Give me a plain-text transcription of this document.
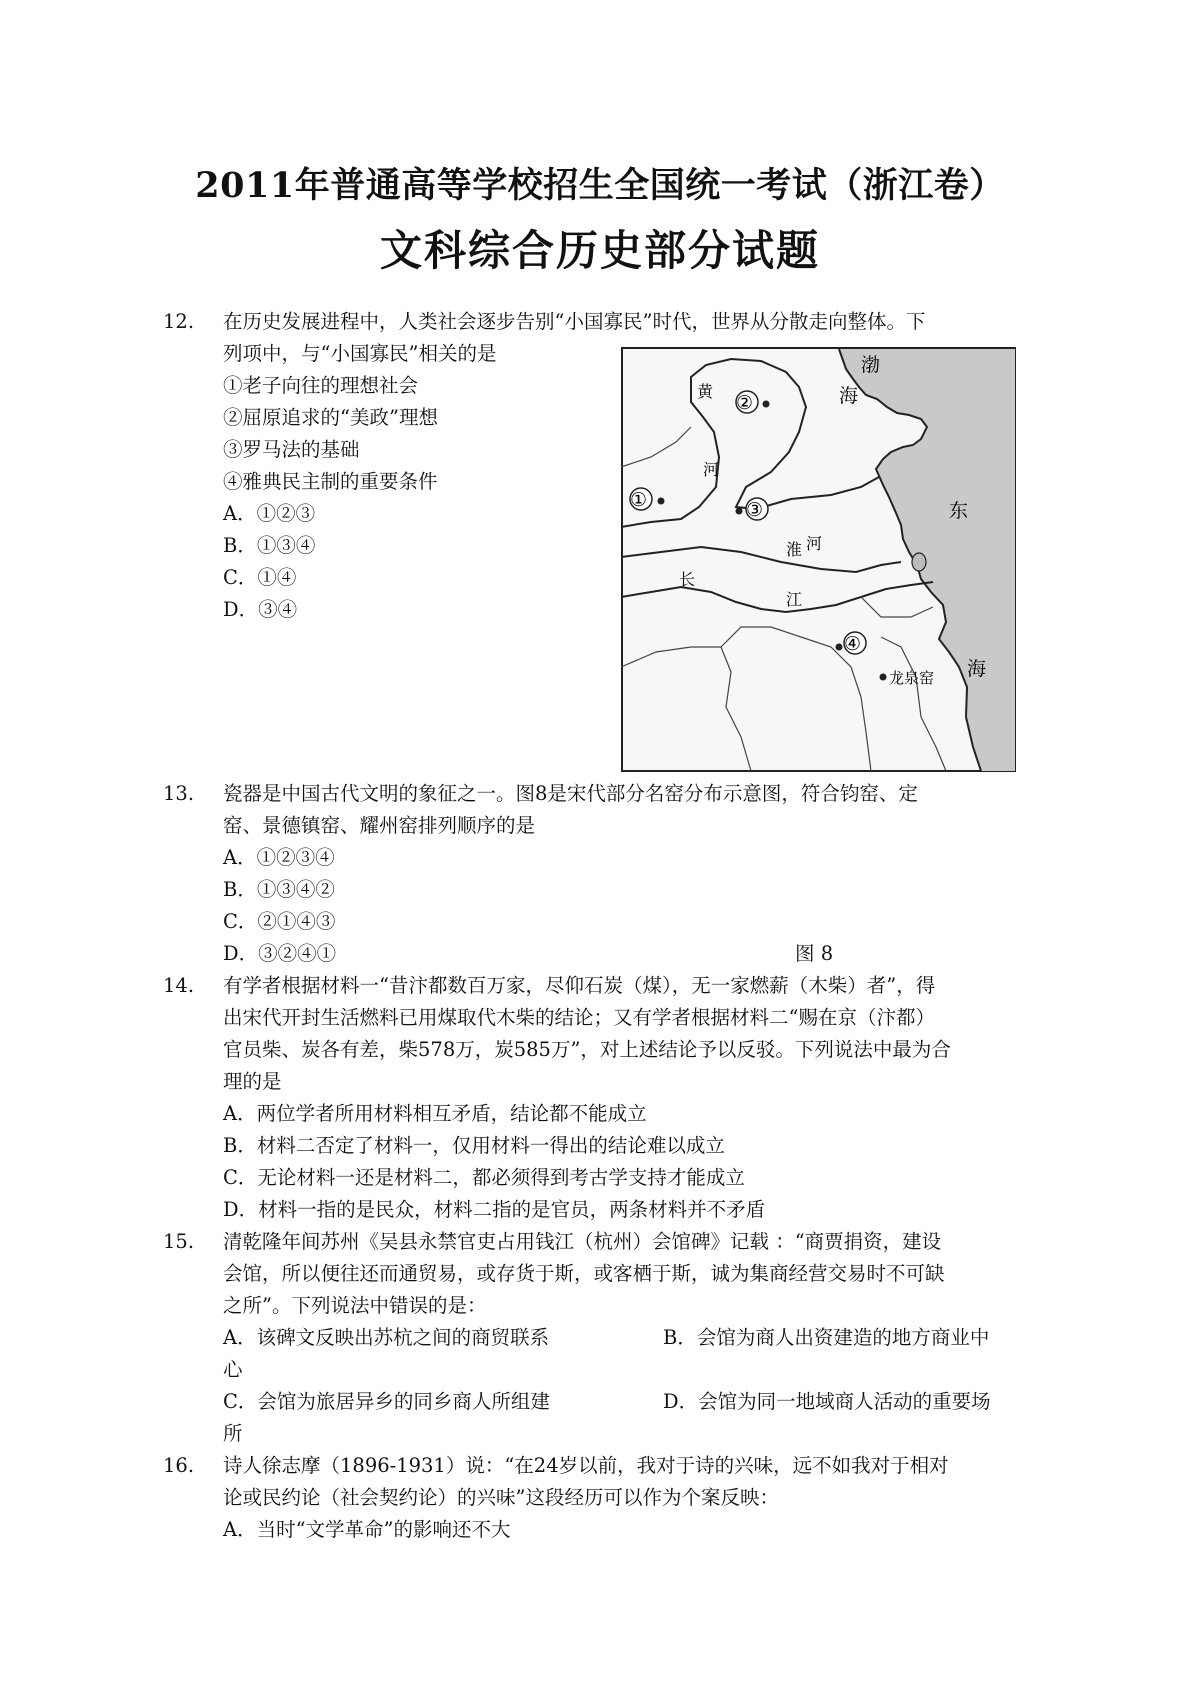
2011年普通高等学校招生全国统一考试（浙江卷）
文科综合历史部分试题
12. 在历史发展进程中，人类社会逐步告别“小国寡民”时代，世界从分散走向整体。下
列项中，与“小国寡民”相关的是
①老子向往的理想社会
②屈原追求的“美政”理想
③罗马法的基础
④雅典民主制的重要条件
A．①②③
B．①③④
C．①④
D．③④
渤
海
东
海
黄
河
淮 河
长
江
①
②
③
④
龙泉窑
13. 瓷器是中国古代文明的象征之一。图8是宋代部分名窑分布示意图，符合钧窑、定
窑、景德镇窑、耀州窑排列顺序的是
A．①②③④
B．①③④②
C．②①④③
D．③②④①	图 8
14. 有学者根据材料一“昔汴都数百万家，尽仰石炭（煤），无一家燃薪（木柴）者”，得
出宋代开封生活燃料已用煤取代木柴的结论；又有学者根据材料二“赐在京（汴都）
官员柴、炭各有差，柴578万，炭585万”，对上述结论予以反驳。下列说法中最为合
理的是
A．两位学者所用材料相互矛盾，结论都不能成立
B．材料二否定了材料一，仅用材料一得出的结论难以成立
C．无论材料一还是材料二，都必须得到考古学支持才能成立
D．材料一指的是民众，材料二指的是官员，两条材料并不矛盾
15. 清乾隆年间苏州《吴县永禁官吏占用钱江（杭州）会馆碑》记载 ：“商贾捐资，建设
会馆，所以便往还而通贸易，或存货于斯，或客栖于斯，诚为集商经营交易时不可缺
之所”。下列说法中错误的是：
A．该碑文反映出苏杭之间的商贸联系	B．会馆为商人出资建造的地方商业中
心
C．会馆为旅居异乡的同乡商人所组建	D．会馆为同一地域商人活动的重要场
所
16. 诗人徐志摩（1896-1931）说：“在24岁以前，我对于诗的兴味，远不如我对于相对
论或民约论（社会契约论）的兴味”这段经历可以作为个案反映：
A．当时“文学革命”的影响还不大
